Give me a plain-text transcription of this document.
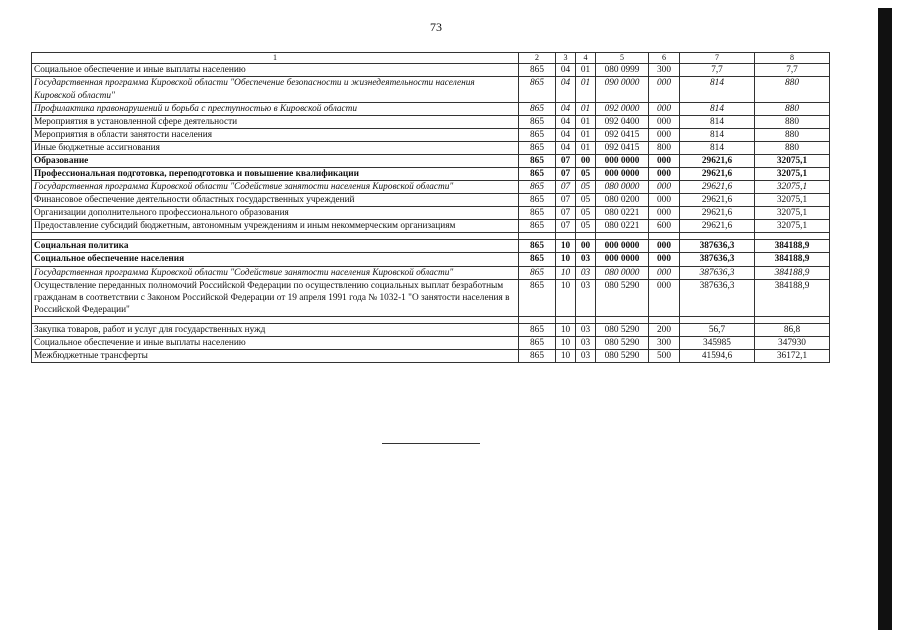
73
1	2	3	4	5	6	7	8
Социальное обеспечение и иные выплаты населению	865	04	01	080 0999	300	7,7	7,7
Государственная программа Кировской области "Обеспечение безопасности и жизнедеятельности населения Кировской области"	865	04	01	090 0000	000	814	880
Профилактика правонарушений и борьба с преступностью в Кировской области	865	04	01	092 0000	000	814	880
Мероприятия в установленной сфере деятельности	865	04	01	092 0400	000	814	880
Мероприятия в области занятости населения	865	04	01	092 0415	000	814	880
Иные бюджетные ассигнования	865	04	01	092 0415	800	814	880
Образование	865	07	00	000 0000	000	29621,6	32075,1
Профессиональная подготовка, переподготовка и повышение квалификации	865	07	05	000 0000	000	29621,6	32075,1
Государственная программа Кировской области "Содействие занятости населения Кировской области"	865	07	05	080 0000	000	29621,6	32075,1
Финансовое обеспечение деятельности областных государственных учреждений	865	07	05	080 0200	000	29621,6	32075,1
Организации дополнительного профессионального образования	865	07	05	080 0221	000	29621,6	32075,1
Предоставление субсидий бюджетным, автономным учреждениям и иным некоммерческим организациям	865	07	05	080 0221	600	29621,6	32075,1

Социальная политика	865	10	00	000 0000	000	387636,3	384188,9
Социальное обеспечение населения	865	10	03	000 0000	000	387636,3	384188,9
Государственная программа Кировской области "Содействие занятости населения Кировской области"	865	10	03	080 0000	000	387636,3	384188,9
Осуществление переданных полномочий Российской Федерации по осуществлению социальных выплат безработным гражданам в соответствии с Законом Российской Федерации от 19 апреля 1991 года № 1032-1 "О занятости населения в Российской Федерации"	865	10	03	080 5290	000	387636,3	384188,9

Закупка товаров, работ и услуг для государственных нужд	865	10	03	080 5290	200	56,7	86,8
Социальное обеспечение и иные выплаты населению	865	10	03	080 5290	300	345985	347930
Межбюджетные трансферты	865	10	03	080 5290	500	41594,6	36172,1
